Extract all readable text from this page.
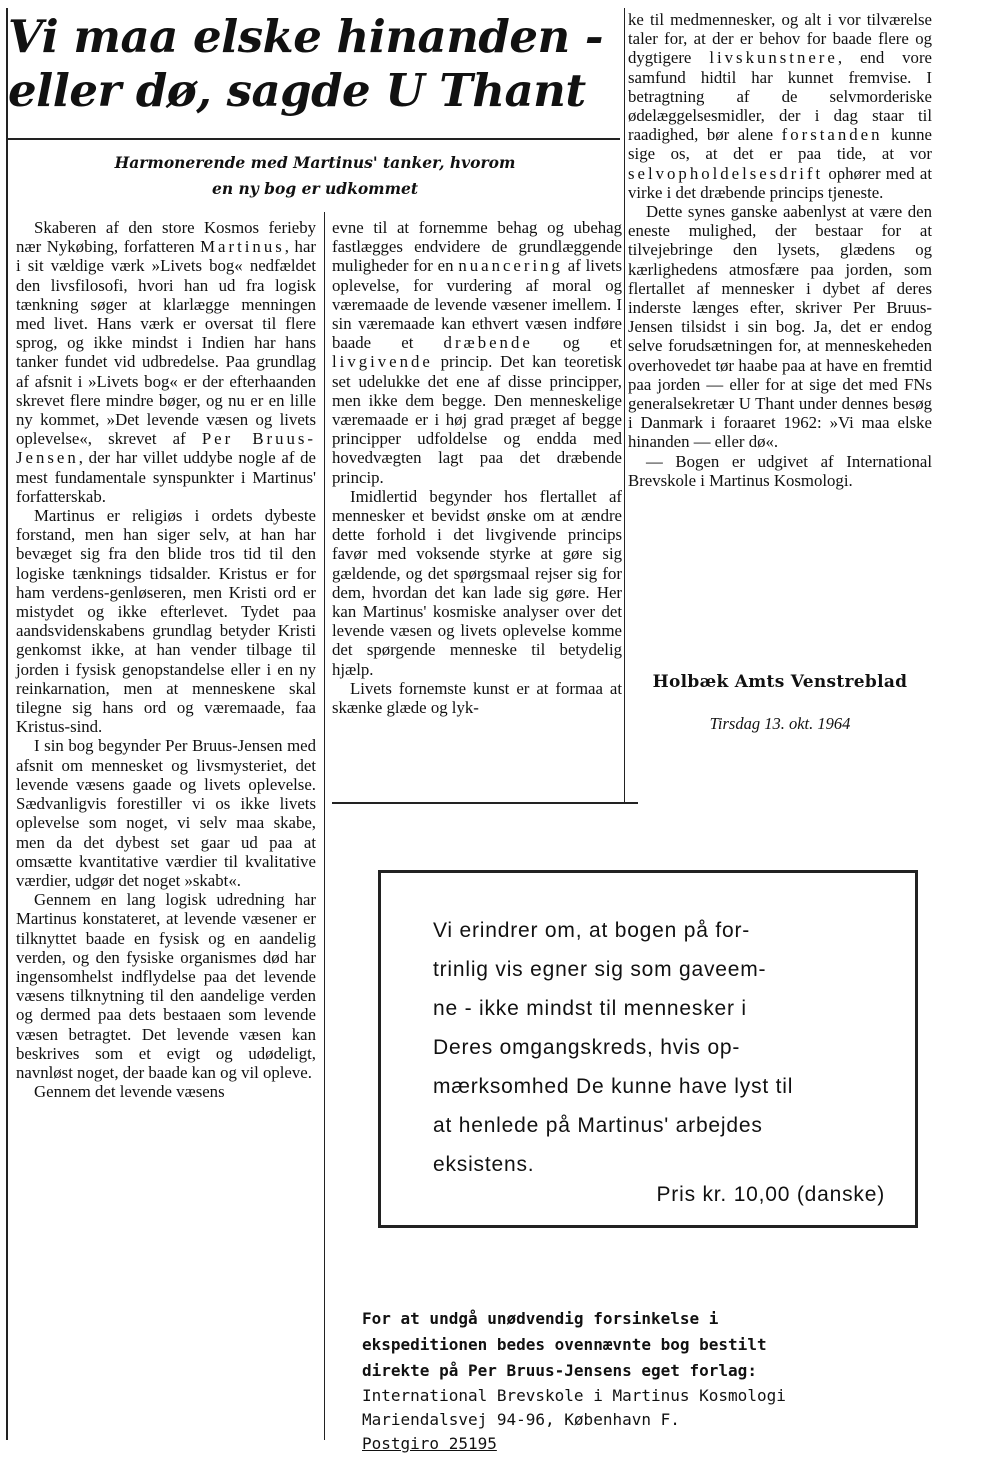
Vi maa elske hinanden -
eller dø, sagde U Thant
Harmonerende med Martinus' tanker, hvorom
en ny bog er udkommet

evne til at fornemme behag og ubehag fastlægges endvidere de grundlæggende muligheder for en nuancering af livets oplevelse, for vurdering af moral og væremaade de levende væsener imellem. I sin væremaade kan ethvert væsen indføre baade et dræbende og et livgivende princip. Det kan teoretisk set udelukke det ene af disse principper, men ikke dem begge. Den menneskelige væremaade er i høj grad præget af begge principper udfoldelse og endda med hovedvægten lagt paa det dræbende princip.

Imidlertid begynder hos flertallet af mennesker et bevidst ønske om at ændre dette forhold i det livgivende princips favør med voksende styrke at gøre sig gældende, og det spørgsmaal rejser sig for dem, hvordan det kan lade sig gøre. Her kan Martinus' kosmiske analyser over det levende væsen og livets oplevelse komme det spørgende menneske til betydelig hjælp.

Livets fornemste kunst er at formaa at skænke glæde og lyk-

ke til medmennesker, og alt i vor tilværelse taler for, at der er behov for baade flere og dygtigere livskunstnere, end vore samfund hidtil har kunnet fremvise. I betragtning af de selvmorderiske ødelæggelsesmidler, der i dag staar til raadighed, bør alene forstanden kunne sige os, at det er paa tide, at vor selvopholdelsesdrift ophører med at virke i det dræbende princips tjeneste.

Dette synes ganske aabenlyst at være den eneste mulighed, der bestaar for at tilvejebringe den lysets, glædens og kærlighedens atmosfære paa jorden, som flertallet af mennesker i dybet af deres inderste længes efter, skriver Per Bruus-Jensen tilsidst i sin bog. Ja, det er endog selve forudsætningen for, at menneskeheden overhovedet tør haabe paa at have en fremtid paa jorden — eller for at sige det med FNs generalsekretær U Thant under dennes besøg i Danmark i foraaret 1962: »Vi maa elske hinanden — eller dø«.

— Bogen er udgivet af International Brevskole i Martinus Kosmologi.

Holbæk Amts Venstreblad
Tirsdag 13. okt. 1964

Skaberen af den store Kosmos ferieby nær Nykøbing, forfatteren Martinus, har i sit vældige værk »Livets bog« nedfældet den livsfilosofi, hvori han ud fra logisk tænkning søger at klarlægge menningen med livet. Hans værk er oversat til flere sprog, og ikke mindst i Indien har hans tanker fundet vid udbredelse. Paa grundlag af afsnit i »Livets bog« er der efterhaanden skrevet flere mindre bøger, og nu er en lille ny kommet, »Det levende væsen og livets oplevelse«, skrevet af Per Bruus-Jensen, der har villet uddybe nogle af de mest fundamentale synspunkter i Martinus' forfatterskab.

Martinus er religiøs i ordets dybeste forstand, men han siger selv, at han har bevæget sig fra den blide tros tid til den logiske tænknings tidsalder. Kristus er for ham verdens-genløseren, men Kristi ord er mistydet og ikke efterlevet. Tydet paa aandsvidenskabens grundlag betyder Kristi genkomst ikke, at han vender tilbage til jorden i fysisk genopstandelse eller i en ny reinkarnation, men at menneskene skal tilegne sig hans ord og væremaade, faa Kristus-sind.

I sin bog begynder Per Bruus-Jensen med afsnit om mennesket og livsmysteriet, det levende væsens gaade og livets oplevelse. Sædvanligvis forestiller vi os ikke livets oplevelse som noget, vi selv maa skabe, men da det dybest set gaar ud paa at omsætte kvantitative værdier til kvalitative værdier, udgør det noget »skabt«.

Gennem en lang logisk udredning har Martinus konstateret, at levende væsener er tilknyttet baade en fysisk og en aandelig verden, og den fysiske organismes død har ingensomhelst indflydelse paa det levende væsens tilknytning til den aandelige verden og dermed paa dets bestaaen som levende væsen betragtet. Det levende væsen kan beskrives som et evigt og udødeligt, navnløst noget, der baade kan og vil opleve.

Gennem det levende væsens

Vi erindrer om, at bogen på for-
trinlig vis egner sig som gaveem-
ne - ikke mindst til mennesker i
Deres omgangskreds, hvis op-
mærksomhed De kunne have lyst til
at henlede på Martinus' arbejdes
eksistens.
Pris kr. 10,00 (danske)
For at undgå unødvendig forsinkelse i
ekspeditionen bedes ovennævnte bog bestilt
direkte på Per Bruus-Jensens eget forlag:
International Brevskole i Martinus Kosmologi
Mariendalsvej 94-96, København F.
Postgiro 25195
